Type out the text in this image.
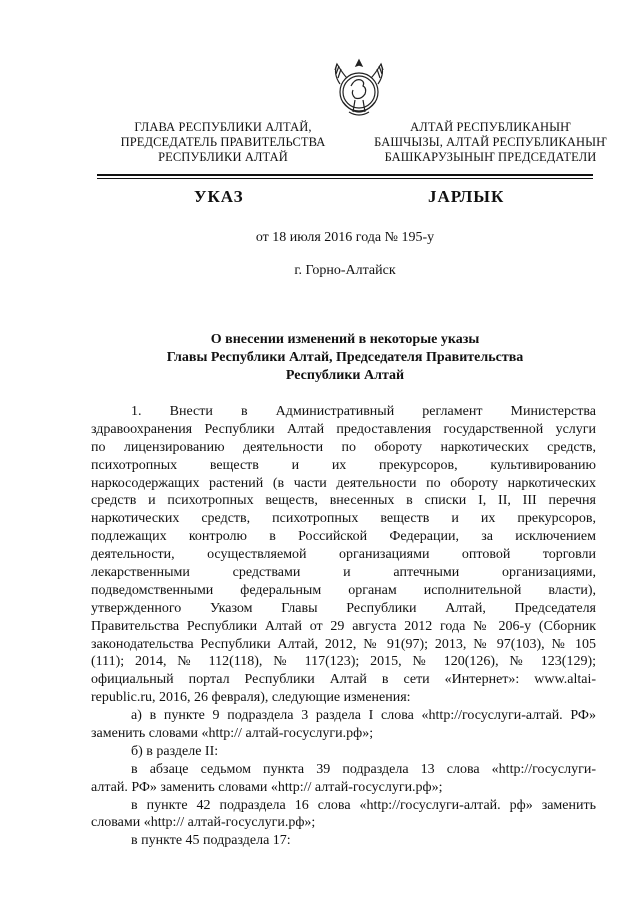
ГЛАВА РЕСПУБЛИКИ АЛТАЙ,
ПРЕДСЕДАТЕЛЬ ПРАВИТЕЛЬСТВА
РЕСПУБЛИКИ АЛТАЙ
АЛТАЙ РЕСПУБЛИКАНЫҤ
БАШЧЫЗЫ, АЛТАЙ РЕСПУБЛИКАНЫҤ
БАШКАРУЗЫНЫҤ ПРЕДСЕДАТЕЛИ
УКАЗ	JАРЛЫК
от 18 июля 2016 года № 195-у
г. Горно-Алтайск
О внесении изменений в некоторые указы
Главы Республики Алтай, Председателя Правительства
Республики Алтай
1. Внести в Административный регламент Министерства
здравоохранения Республики Алтай предоставления государственной услуги
по лицензированию деятельности по обороту наркотических средств,
психотропных веществ и их прекурсоров, культивированию
наркосодержащих растений (в части деятельности по обороту наркотических
средств и психотропных веществ, внесенных в списки I, II, III перечня
наркотических средств, психотропных веществ и их прекурсоров,
подлежащих контролю в Российской Федерации, за исключением
деятельности, осуществляемой организациями оптовой торговли
лекарственными средствами и аптечными организациями,
подведомственными федеральным органам исполнительной власти),
утвержденного Указом Главы Республики Алтай, Председателя
Правительства Республики Алтай от 29 августа 2012 года № 206-у (Сборник
законодательства Республики Алтай, 2012, № 91(97); 2013, № 97(103), № 105
(111); 2014, № 112(118), № 117(123); 2015, № 120(126), № 123(129);
официальный портал Республики Алтай в сети «Интернет»: www.altai-
republic.ru, 2016, 26 февраля), следующие изменения:
а) в пункте 9 подраздела 3 раздела I слова «http://госуслуги-алтай. РФ»
заменить словами «http:// алтай-госуслуги.рф»;
б) в разделе II:
в абзаце седьмом пункта 39 подраздела 13 слова «http://госуслуги-
алтай. РФ» заменить словами «http:// алтай-госуслуги.рф»;
в пункте 42 подраздела 16 слова «http://госуслуги-алтай. рф» заменить
словами «http:// алтай-госуслуги.рф»;
в пункте 45 подраздела 17:
